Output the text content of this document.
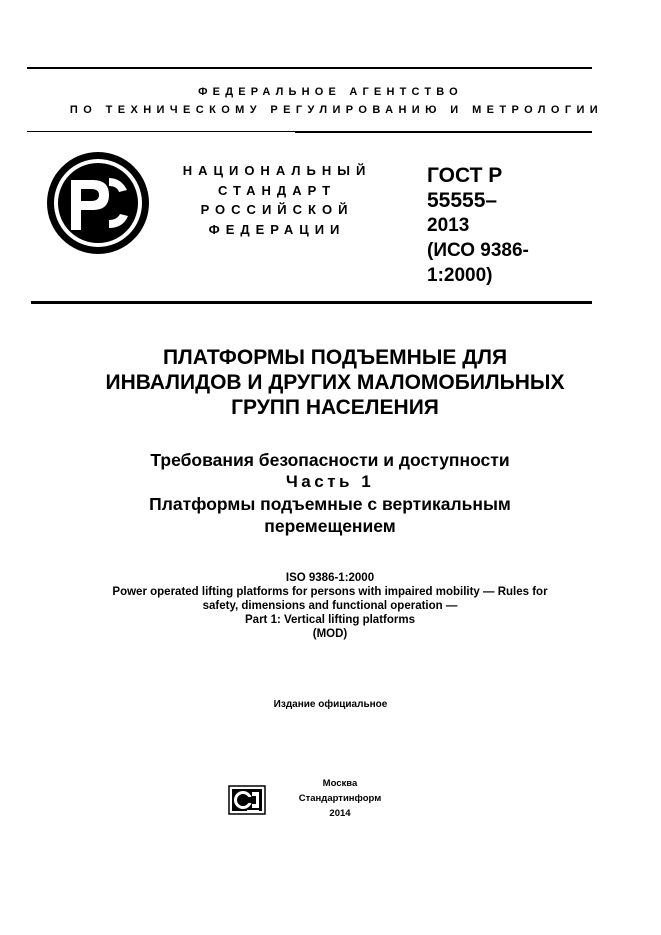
ФЕДЕРАЛЬНОЕ АГЕНТСТВО
ПО ТЕХНИЧЕСКОМУ РЕГУЛИРОВАНИЮ И МЕТРОЛОГИИ
НАЦИОНАЛЬНЫЙ
СТАНДАРТ
РОССИЙСКОЙ
ФЕДЕРАЦИИ
ГОСТ Р
55555–
2013
(ИСО 9386-
1:2000)
ПЛАТФОРМЫ ПОДЪЕМНЫЕ ДЛЯ
ИНВАЛИДОВ И ДРУГИХ МАЛОМОБИЛЬНЫХ
ГРУПП НАСЕЛЕНИЯ
Требования безопасности и доступности
Часть 1
Платформы подъемные с вертикальным
перемещением
ISO 9386-1:2000
Power operated lifting platforms for persons with impaired mobility — Rules for
safety, dimensions and functional operation —
Part 1: Vertical lifting platforms
(MOD)
Издание официальное
Москва
Стандартинформ
2014
